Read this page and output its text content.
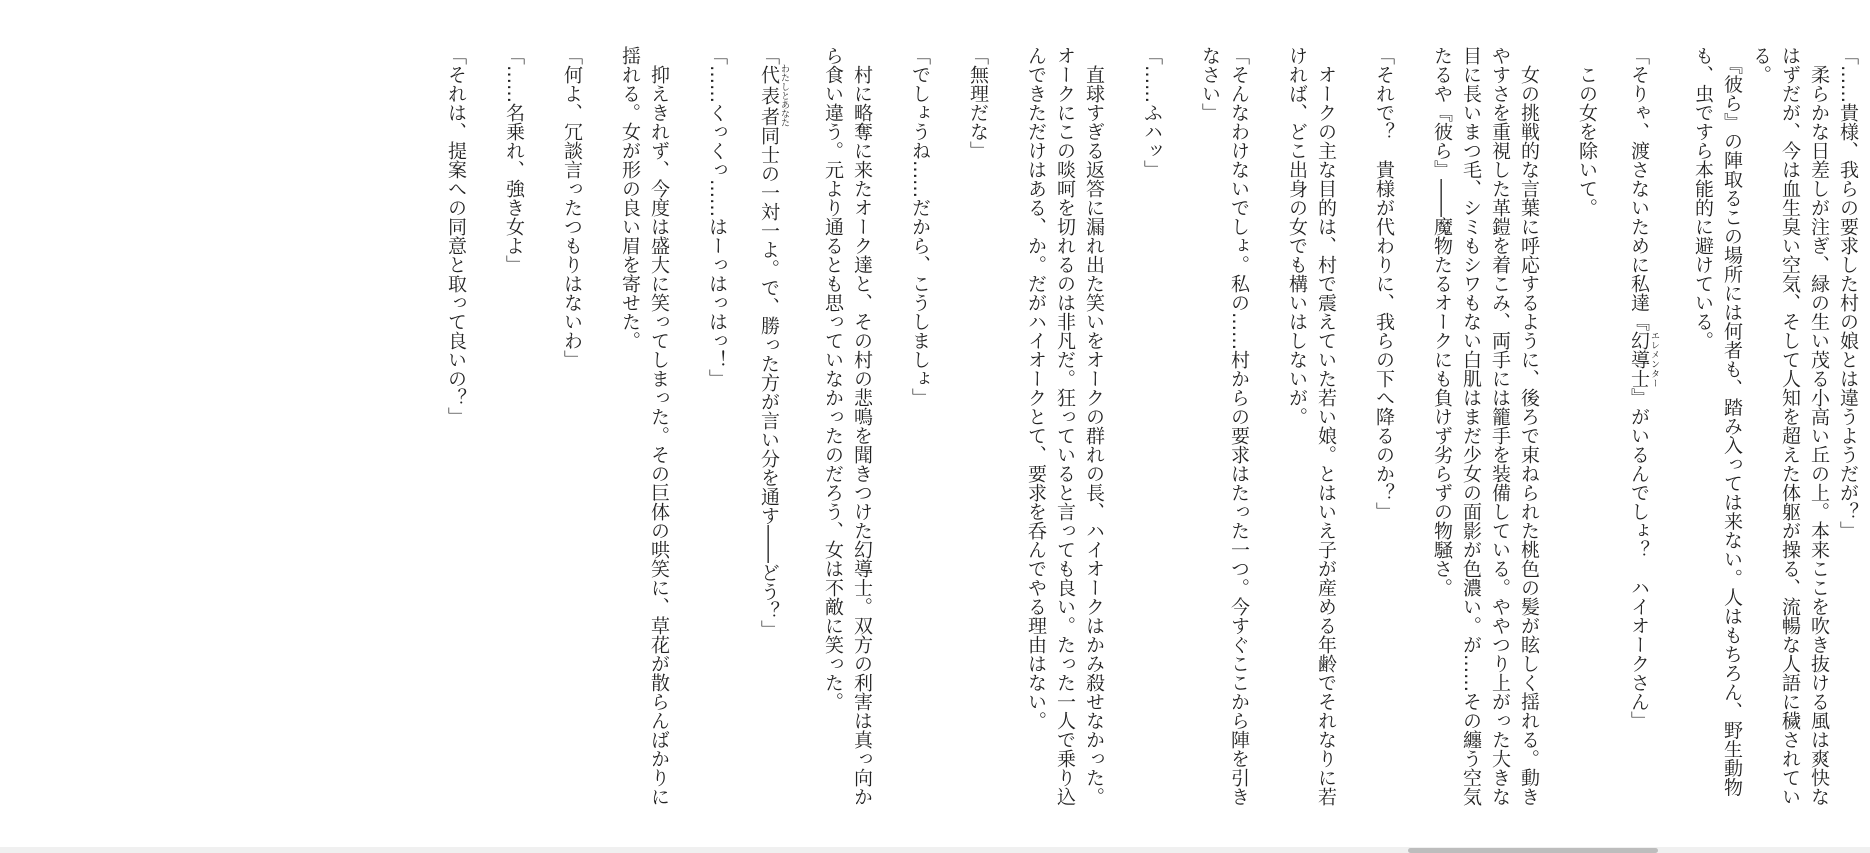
「……貴様、我らの要求した村の娘とは違うようだが？」
　柔らかな日差しが注ぎ、緑の生い茂る小高い丘の上。本来ここを吹き抜ける風は爽快なはずだが、今は血生臭い空気、そして人知を超えた体躯が操る、流暢な人語に穢されている。
　『彼ら』の陣取るこの場所には何者も、踏み入っては来ない。人はもちろん、野生動物も、虫ですら本能的に避けている。
「そりゃ、渡さないために私達『幻導士 エレメンター』がいるんでしょ？　ハイオークさん」
　この女を除いて。
　女の挑戦的な言葉に呼応するように、後ろで束ねられた桃色の髪が眩しく揺れる。動きやすさを重視した革鎧を着こみ、両手には籠手を装備している。ややつり上がった大きな目に長いまつ毛、シミもシワもない白肌はまだ少女の面影が色濃い。が……その纏う空気たるや『彼ら』――魔物たるオークにも負けず劣らずの物騒さ。
「それで？　貴様が代わりに、我らの下へ降るのか？」
　オークの主な目的は、村で震えていた若い娘。とはいえ子が産める年齢でそれなりに若ければ、どこ出身の女でも構いはしないが。
「そんなわけないでしょ。私の……村からの要求はたった一つ。今すぐここから陣を引きなさい」
「……ふハッ」
　直球すぎる返答に漏れ出た笑いをオークの群れの長、ハイオークはかみ殺せなかった。オークにこの啖呵を切れるのは非凡だ。狂っていると言っても良い。たった一人で乗り込んできただけはある、か。だがハイオークとて、要求を呑んでやる理由はない。
「無理だな」
「でしょうね……だから、こうしましょ」
　村に略奪に来たオーク達と、その村の悲鳴を聞きつけた幻導士。双方の利害は真っ向から食い違う。元より通るとも思っていなかったのだろう、女は不敵に笑った。
「代表者 わたしとあなた同士の一対一よ。で、勝った方が言い分を通す――どう？」
「……くっくっ……はーっはっはっ！」
　抑えきれず、今度は盛大に笑ってしまった。その巨体の哄笑に、草花が散らんばかりに揺れる。女が形の良い眉を寄せた。
「何よ、冗談言ったつもりはないわ」
「……名乗れ、強き女よ」
「それは、提案への同意と取って良いの？」
